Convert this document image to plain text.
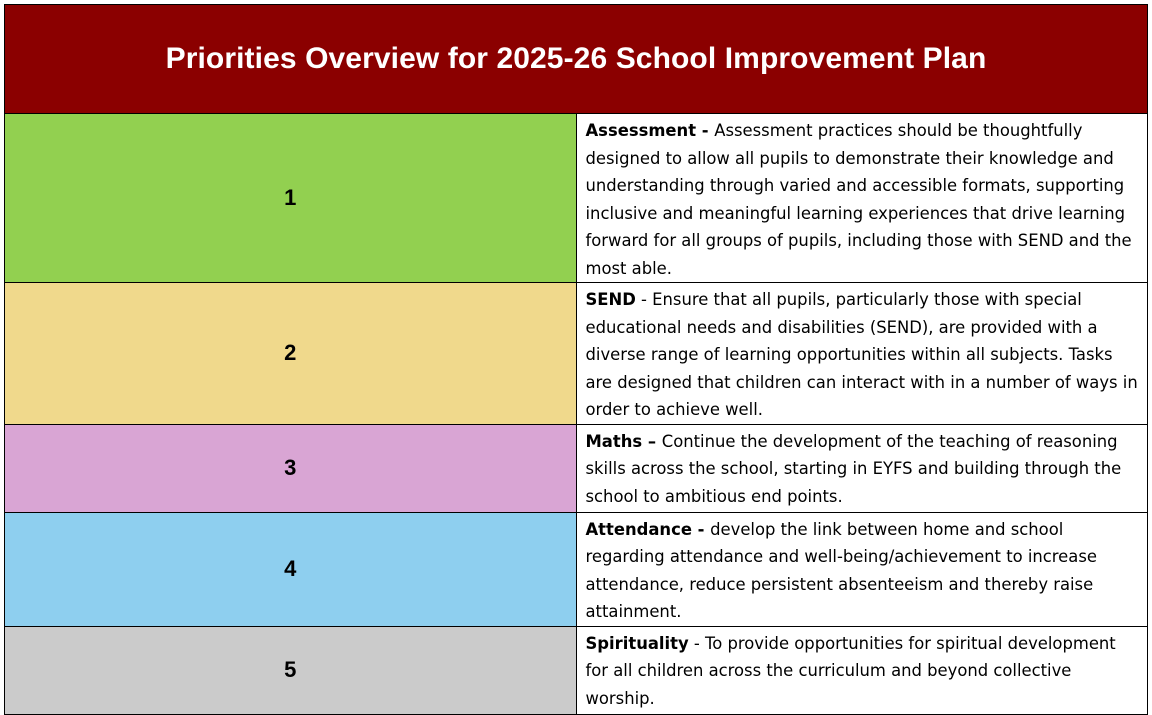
Priorities Overview for 2025-26 School Improvement Plan	
1	Assessment - Assessment practices should be thoughtfully designed to allow all pupils to demonstrate their knowledge and understanding through varied and accessible formats, supporting inclusive and meaningful learning experiences that drive learning forward for all groups of pupils, including those with SEND and the most able.
2	SEND - Ensure that all pupils, particularly those with special educational needs and disabilities (SEND), are provided with a diverse range of learning opportunities within all subjects. Tasks are designed that children can interact with in a number of ways in order to achieve well.
3	Maths – Continue the development of the teaching of reasoning skills across the school, starting in EYFS and building through the school to ambitious end points.
4	Attendance - develop the link between home and school regarding attendance and well-being/achievement to increase attendance, reduce persistent absenteeism and thereby raise attainment.
5	Spirituality - To provide opportunities for spiritual development for all children across the curriculum and beyond collective worship.
